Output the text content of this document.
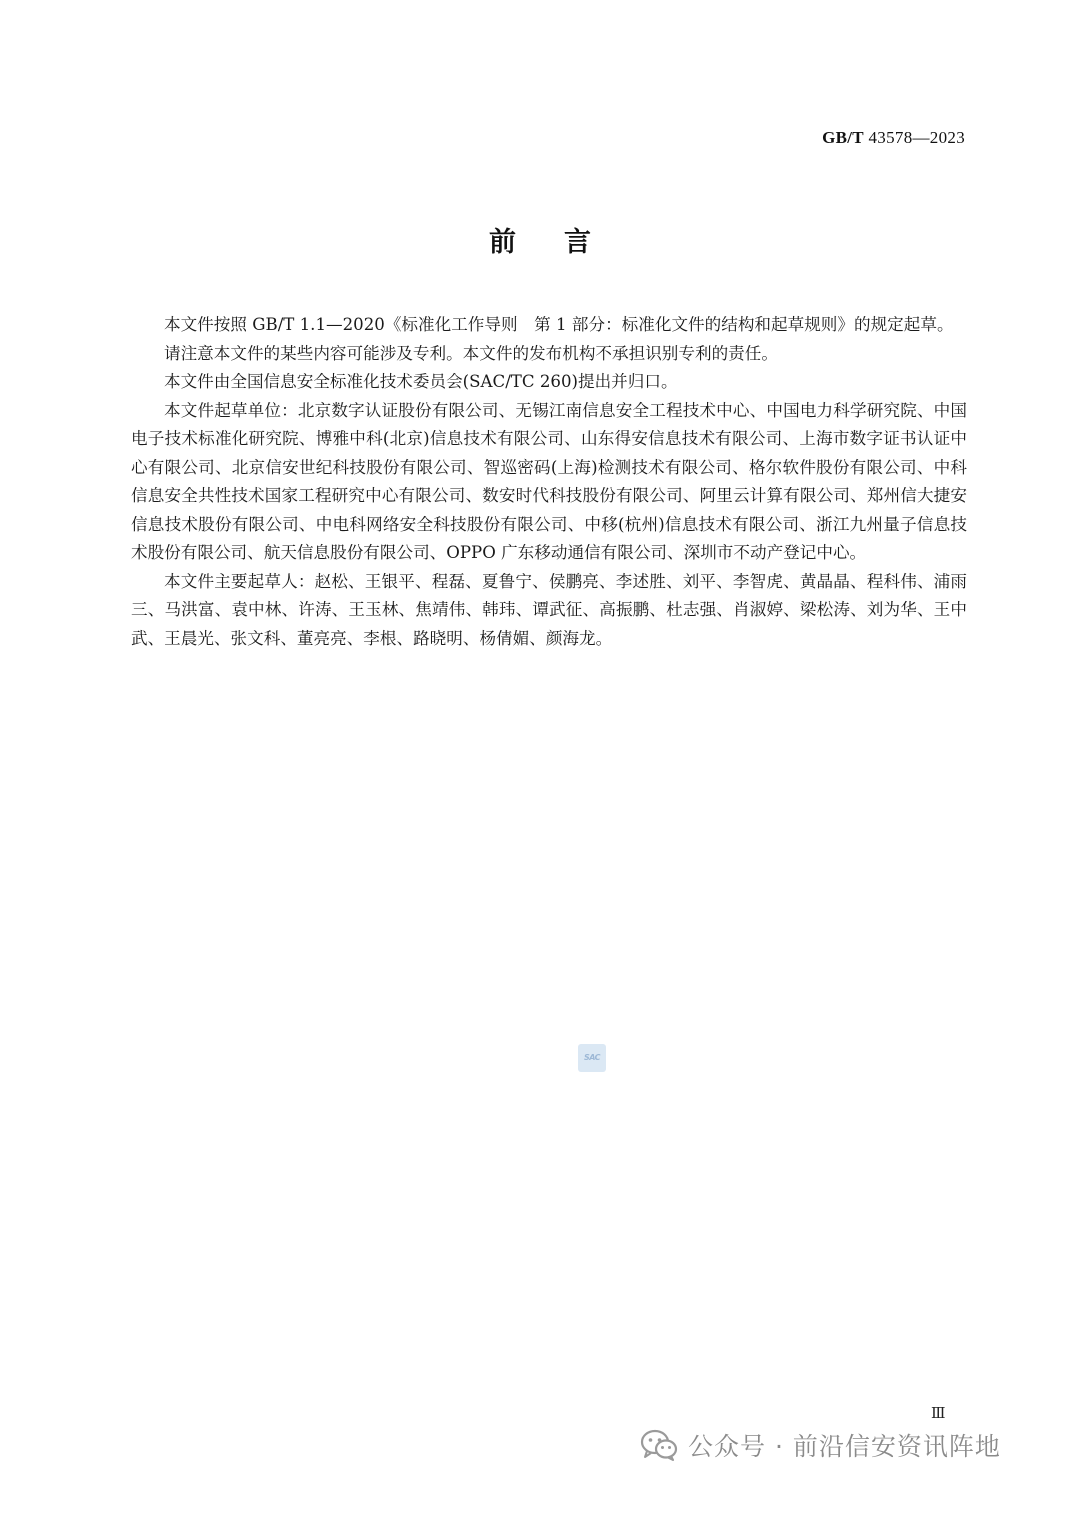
GB/T 43578—2023
前言

本文件按照 GB/T 1.1—2020《标准化工作导则　第 1 部分：标准化文件的结构和起草规则》的规定起草。

请注意本文件的某些内容可能涉及专利。本文件的发布机构不承担识别专利的责任。

本文件由全国信息安全标准化技术委员会(SAC/TC 260)提出并归口。

本文件起草单位：北京数字认证股份有限公司、无锡江南信息安全工程技术中心、中国电力科学研究院、中国电子技术标准化研究院、博雅中科(北京)信息技术有限公司、山东得安信息技术有限公司、上海市数字证书认证中心有限公司、北京信安世纪科技股份有限公司、智巡密码(上海)检测技术有限公司、格尔软件股份有限公司、中科信息安全共性技术国家工程研究中心有限公司、数安时代科技股份有限公司、阿里云计算有限公司、郑州信大捷安信息技术股份有限公司、中电科网络安全科技股份有限公司、中移(杭州)信息技术有限公司、浙江九州量子信息技术股份有限公司、航天信息股份有限公司、OPPO 广东移动通信有限公司、深圳市不动产登记中心。

本文件主要起草人：赵松、王银平、程磊、夏鲁宁、侯鹏亮、李述胜、刘平、李智虎、黄晶晶、程科伟、浦雨三、马洪富、袁中林、许涛、王玉林、焦靖伟、韩玮、谭武征、高振鹏、杜志强、肖淑婷、梁松涛、刘为华、王中武、王晨光、张文科、董亮亮、李根、路晓明、杨倩媚、颜海龙。

SAC
Ⅲ
公众号 · 前沿信安资讯阵地
